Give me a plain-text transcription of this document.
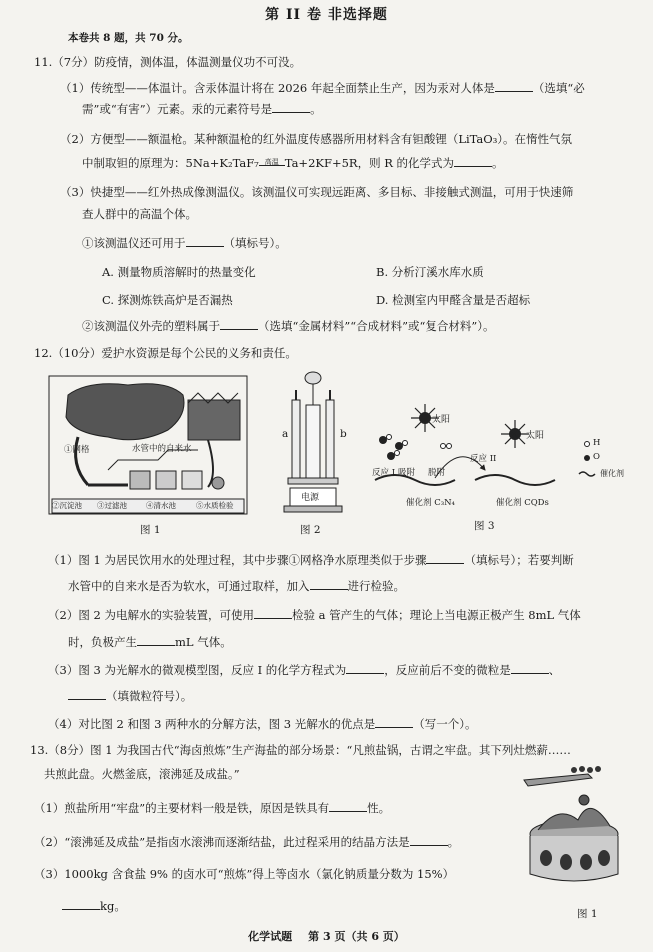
第 II 卷 非选择题
本卷共 8 题，共 70 分。
11.（7分）防疫情，测体温，体温测量仪功不可没。
（1）传统型——体温计。含汞体温计将在 2026 年起全面禁止生产，因为汞对人体是	（选填“必
需”或“有害”）元素。汞的元素符号是	。
（2）方便型——额温枪。某种额温枪的红外温度传感器所用材料含有钽酸锂（LiTaO₃）。在惰性气氛
中制取钽的原理为：5Na+K₂TaF₇ 高温 Ta+2KF+5R，则 R 的化学式为	。
（3）快捷型——红外热成像测温仪。该测温仪可实现远距离、多目标、非接触式测温，可用于快速筛
查人群中的高温个体。
①该测温仪还可用于	（填标号）。
A. 测量物质溶解时的热量变化	B. 分析汀溪水库水质
C. 探测炼铁高炉是否漏热	D. 检测室内甲醛含量是否超标
②该测温仪外壳的塑料属于	（选填“金属材料”“合成材料”或“复合材料”）。
12.（10分）爱护水资源是每个公民的义务和责任。
①网格	水管中的自来水
②沉淀池 ③过滤池	④清水池	⑤水质检验
图 1
a	b
电源
图 2
太阳
太阳
反应 I 吸附 脱附
反应 II
催化剂 C₃N₄	催化剂 CQDs
H
O
催化剂
图 3
（1）图 1 为居民饮用水的处理过程，其中步骤①网格净水原理类似于步骤	（填标号）；若要判断
水管中的自来水是否为软水，可通过取样，加入	进行检验。
（2）图 2 为电解水的实验装置，可使用	检验 a 管产生的气体；理论上当电源正极产生 8mL 气体
时，负极产生	mL 气体。
（3）图 3 为光解水的微观模型图，反应 I 的化学方程式为	，反应前后不变的微粒是	、
（填微粒符号）。
（4）对比图 2 和图 3 两种水的分解方法，图 3 光解水的优点是	（写一个）。
13.（8分）图 1 为我国古代“海卤煎炼”生产海盐的部分场景：“凡煎盐锅，古谓之牢盘。其下列灶燃薪……
共煎此盘。火燃釜底，滚沸延及成盐。”
（1）煎盐所用“牢盘”的主要材料一般是铁，原因是铁具有	性。
（2）“滚沸延及成盐”是指卤水滚沸而逐渐结盐，此过程采用的结晶方法是	。
（3）1000kg 含食盐 9% 的卤水可“煎炼”得上等卤水（氯化钠质量分数为 15%）
kg。
图 1
化学试题 第 3 页（共 6 页）
